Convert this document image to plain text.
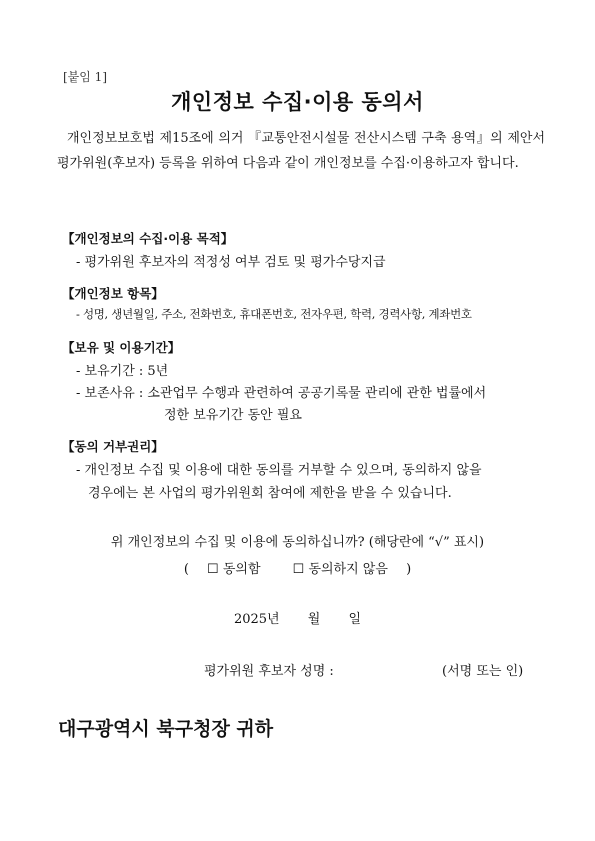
[붙임 1]
개인정보 수집·이용 동의서
개인정보보호법 제15조에 의거 『교통안전시설물 전산시스템 구축 용역』의 제안서 평가위원(후보자) 등록을 위하여 다음과 같이 개인정보를 수집·이용하고자 합니다.
【개인정보의 수집·이용 목적】
- 평가위원 후보자의 적정성 여부 검토 및 평가수당지급
【개인정보 항목】
- 성명, 생년월일, 주소, 전화번호, 휴대폰번호, 전자우편, 학력, 경력사항, 계좌번호
【보유 및 이용기간】
- 보유기간 : 5년
- 보존사유 : 소관업무 수행과 관련하여 공공기록물 관리에 관한 법률에서
정한 보유기간 동안 필요
【동의 거부권리】
- 개인정보 수집 및 이용에 대한 동의를 거부할 수 있으며, 동의하지 않을
경우에는 본 사업의 평가위원회 참여에 제한을 받을 수 있습니다.
위 개인정보의 수집 및 이용에 동의하십니까? (해당란에 “√” 표시)
( ☐ 동의함 ☐ 동의하지 않음 )
2025년 월 일
평가위원 후보자 성명 :	(서명 또는 인)
대구광역시 북구청장 귀하
